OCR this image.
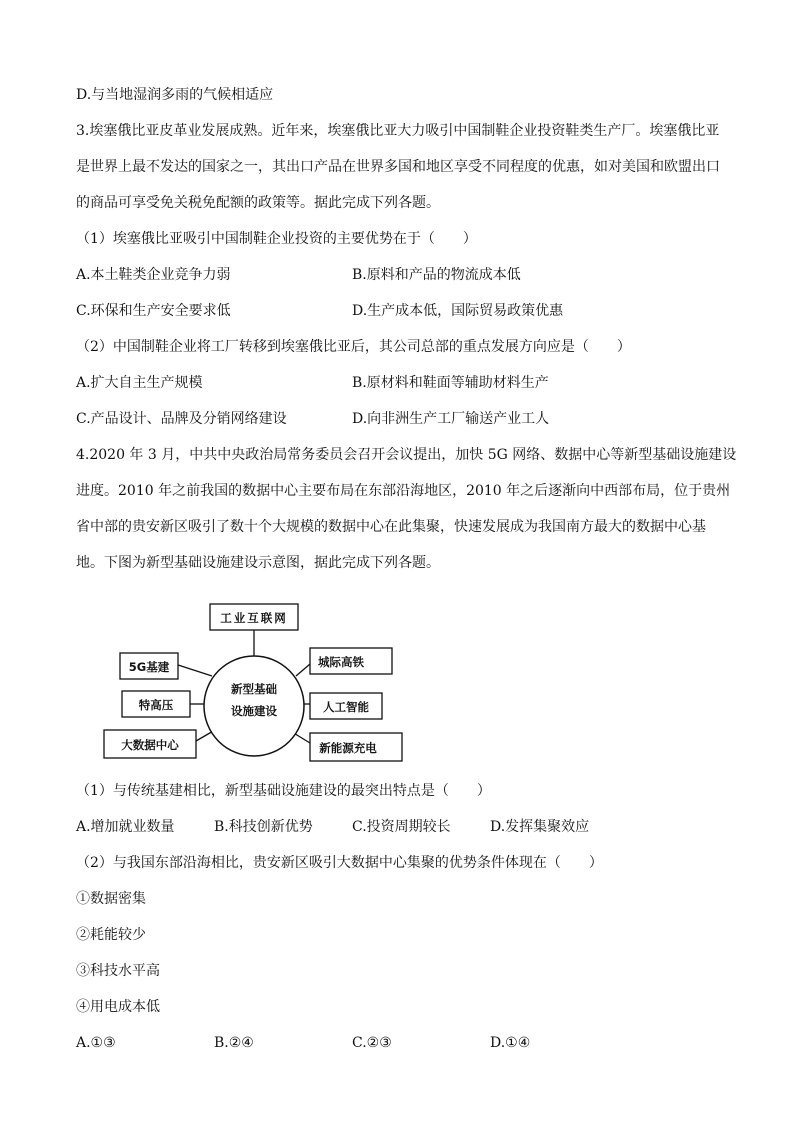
D.与当地湿润多雨的气候相适应
3.埃塞俄比亚皮革业发展成熟。近年来，埃塞俄比亚大力吸引中国制鞋企业投资鞋类生产厂。埃塞俄比亚
是世界上最不发达的国家之一，其出口产品在世界多国和地区享受不同程度的优惠，如对美国和欧盟出口
的商品可享受免关税免配额的政策等。据此完成下列各题。
（1）埃塞俄比亚吸引中国制鞋企业投资的主要优势在于（　　）
A.本土鞋类企业竞争力弱	B.原料和产品的物流成本低
C.环保和生产安全要求低	D.生产成本低，国际贸易政策优惠
（2）中国制鞋企业将工厂转移到埃塞俄比亚后，其公司总部的重点发展方向应是（　　）
A.扩大自主生产规模	B.原材料和鞋面等辅助材料生产
C.产品设计、品牌及分销网络建设	D.向非洲生产工厂输送产业工人
4.2020 年 3 月，中共中央政治局常务委员会召开会议提出，加快 5G 网络、数据中心等新型基础设施建设
进度。2010 年之前我国的数据中心主要布局在东部沿海地区，2010 年之后逐渐向中西部布局，位于贵州
省中部的贵安新区吸引了数十个大规模的数据中心在此集聚，快速发展成为我国南方最大的数据中心基
地。下图为新型基础设施建设示意图，据此完成下列各题。
新型基础
设施建设
工业互联网
5G基建
特高压
大数据中心
城际高铁
人工智能
新能源充电
（1）与传统基建相比，新型基础设施建设的最突出特点是（　　）
A.增加就业数量	B.科技创新优势	C.投资周期较长	D.发挥集聚效应
（2）与我国东部沿海相比，贵安新区吸引大数据中心集聚的优势条件体现在（　　）
①数据密集
②耗能较少
③科技水平高
④用电成本低
A.①③	B.②④	C.②③	D.①④
